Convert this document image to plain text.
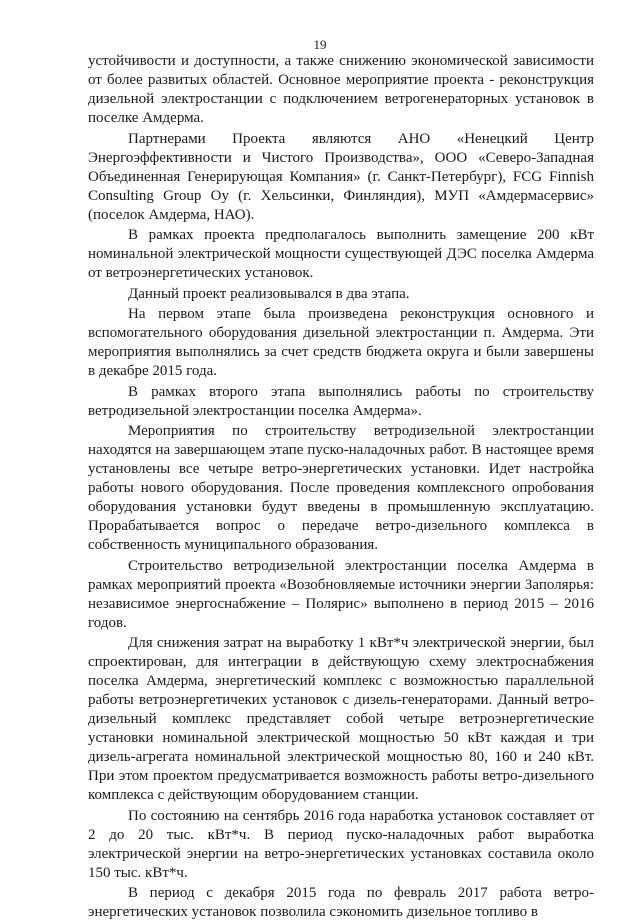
19

устойчивости и доступности, а также снижению экономической зависимости от более развитых областей. Основное мероприятие проекта - реконструкция дизельной электростанции с подключением ветрогенераторных установок в поселке Амдерма.

Партнерами Проекта являются АНО «Ненецкий Центр Энергоэффективности и Чистого Производства», ООО «Северо-Западная Объединенная Генерирующая Компания» (г. Санкт-Петербург), FCG Finnish Consulting Group Oy (г. Хельсинки, Финляндия), МУП «Амдермасервис» (поселок Амдерма, НАО).

В рамках проекта предполагалось выполнить замещение 200 кВт номинальной электрической мощности существующей ДЭС поселка Амдерма от ветроэнергетических установок.

Данный проект реализовывался в два этапа.

На первом этапе была произведена реконструкция основного и вспомогательного оборудования дизельной электростанции п. Амдерма. Эти мероприятия выполнялись за счет средств бюджета округа и были завершены в декабре 2015 года.

В рамках второго этапа выполнялись работы по строительству ветродизельной электростанции поселка Амдерма».

Мероприятия по строительству ветродизельной электростанции находятся на завершающем этапе пуско-наладочных работ. В настоящее время установлены все четыре ветро-энергетических установки. Идет настройка работы нового оборудования. После проведения комплексного опробования оборудования установки будут введены в промышленную эксплуатацию. Прорабатывается вопрос о передаче ветро-дизельного комплекса в собственность муниципального образования.

Строительство ветродизельной электростанции поселка Амдерма в рамках мероприятий проекта «Возобновляемые источники энергии Заполярья: независимое энергоснабжение – Полярис» выполнено в период 2015 – 2016 годов.

Для снижения затрат на выработку 1 кВт*ч электрической энергии, был спроектирован, для интеграции в действующую схему электроснабжения поселка Амдерма, энергетический комплекс с возможностью параллельной работы ветроэнергетичеких установок с дизель-генераторами. Данный ветро-дизельный комплекс представляет собой четыре ветроэнергетические установки номинальной электрической мощностью 50 кВт каждая и три дизель-агрегата номинальной электрической мощностью 80, 160 и 240 кВт. При этом проектом предусматривается возможность работы ветро-дизельного комплекса с действующим оборудованием станции.

По состоянию на сентябрь 2016 года наработка установок составляет от 2 до 20 тыс. кВт*ч. В период пуско-наладочных работ выработка электрической энергии на ветро-энергетических установках составила около 150 тыс. кВт*ч.

В период с декабря 2015 года по февраль 2017 работа ветро-энергетических установок позволила сэкономить дизельное топливо в
